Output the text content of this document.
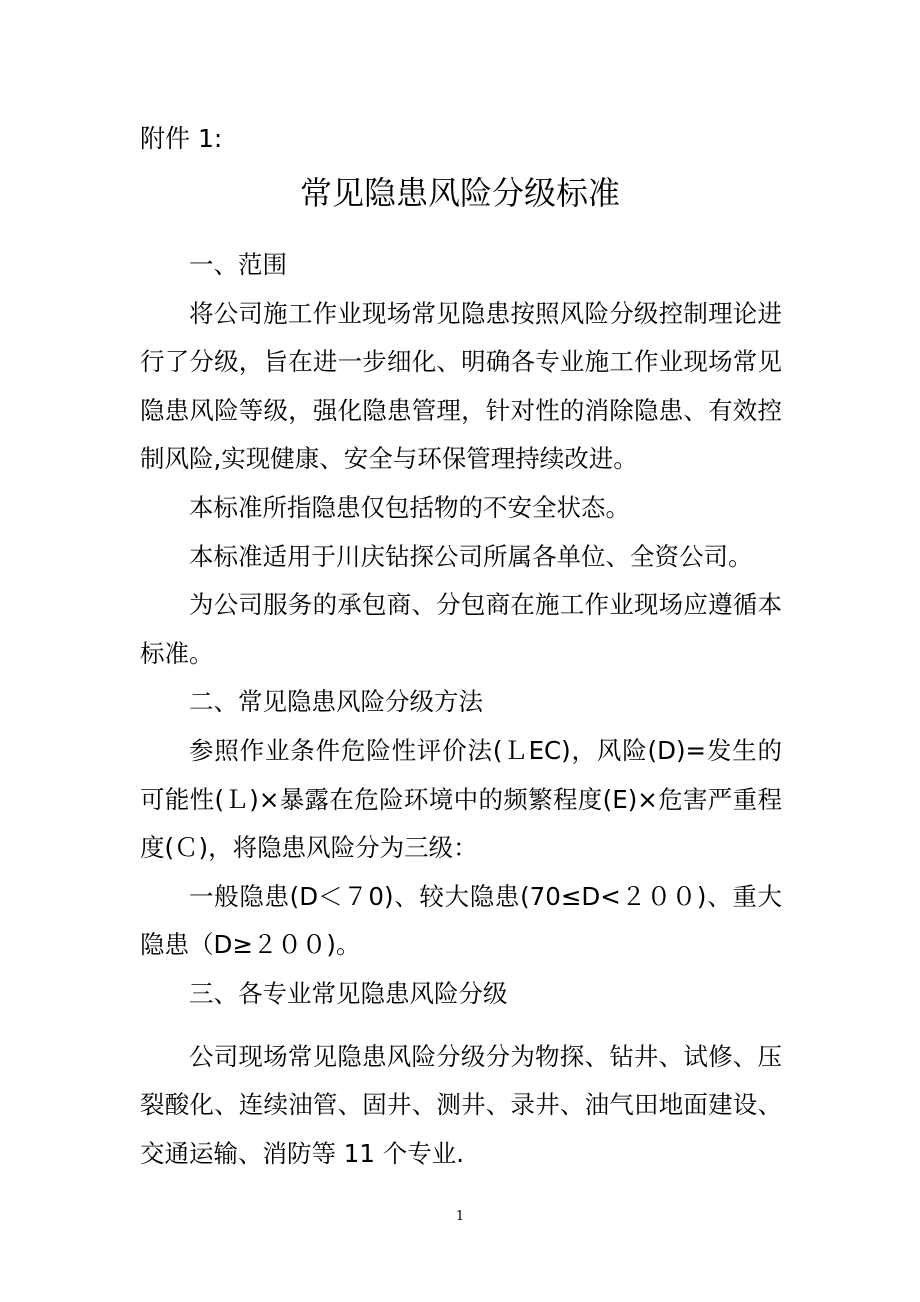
附件 1:
常见隐患风险分级标准

一、范围

将公司施工作业现场常见隐患按照风险分级控制理论进行了分级，旨在进一步细化、明确各专业施工作业现场常见隐患风险等级，强化隐患管理，针对性的消除隐患、有效控制风险,实现健康、安全与环保管理持续改进。

本标准所指隐患仅包括物的不安全状态。

本标准适用于川庆钻探公司所属各单位、全资公司。

为公司服务的承包商、分包商在施工作业现场应遵循本标准。

二、常见隐患风险分级方法

参照作业条件危险性评价法(ＬEC)，风险(D)=发生的可能性(Ｌ)×暴露在危险环境中的频繁程度(E)×危害严重程度(Ｃ)，将隐患风险分为三级：

一般隐患(D＜７0)、较大隐患(70≤D<２００)、重大隐患（D≥２００)。

三、各专业常见隐患风险分级

公司现场常见隐患风险分级分为物探、钻井、试修、压裂酸化、连续油管、固井、测井、录井、油气田地面建设、交通运输、消防等 11 个专业.

1
